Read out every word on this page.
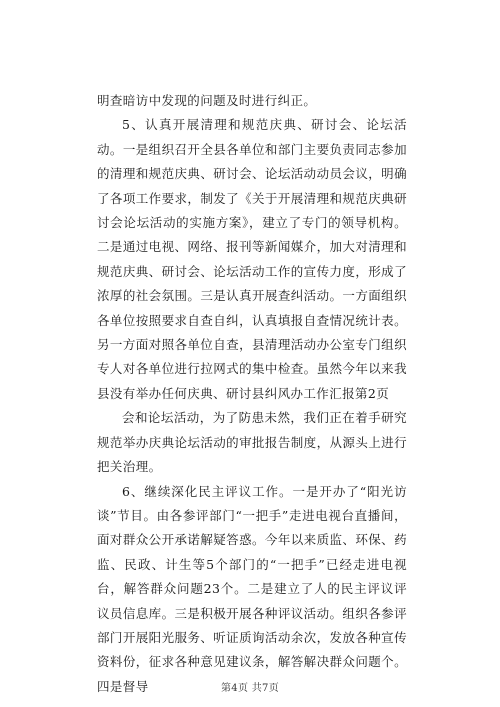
明查暗访中发现的问题及时进行纠正。

5、认真开展清理和规范庆典、研讨会、论坛活动。一是组织召开全县各单位和部门主要负责同志参加的清理和规范庆典、研讨会、论坛活动动员会议，明确了各项工作要求，制发了《关于开展清理和规范庆典研讨会论坛活动的实施方案》，建立了专门的领导机构。二是通过电视、网络、报刊等新闻媒介，加大对清理和规范庆典、研讨会、论坛活动工作的宣传力度，形成了浓厚的社会氛围。三是认真开展查纠活动。一方面组织各单位按照要求自查自纠，认真填报自查情况统计表。另一方面对照各单位自查，县清理活动办公室专门组织专人对各单位进行拉网式的集中检查。虽然今年以来我县没有举办任何庆典、研讨县纠风办工作汇报第2页

会和论坛活动，为了防患未然，我们正在着手研究规范举办庆典论坛活动的审批报告制度，从源头上进行把关治理。

6、继续深化民主评议工作。一是开办了“阳光访谈”节目。由各参评部门“一把手”走进电视台直播间，面对群众公开承诺解疑答惑。今年以来质监、环保、药监、民政、计生等5个部门的“一把手”已经走进电视台，解答群众问题23个。二是建立了人的民主评议评议员信息库。三是积极开展各种评议活动。组织各参评部门开展阳光服务、听证质询活动余次，发放各种宣传资料份，征求各种意见建议条，解答解决群众问题个。四是督导	第4页 共7页
